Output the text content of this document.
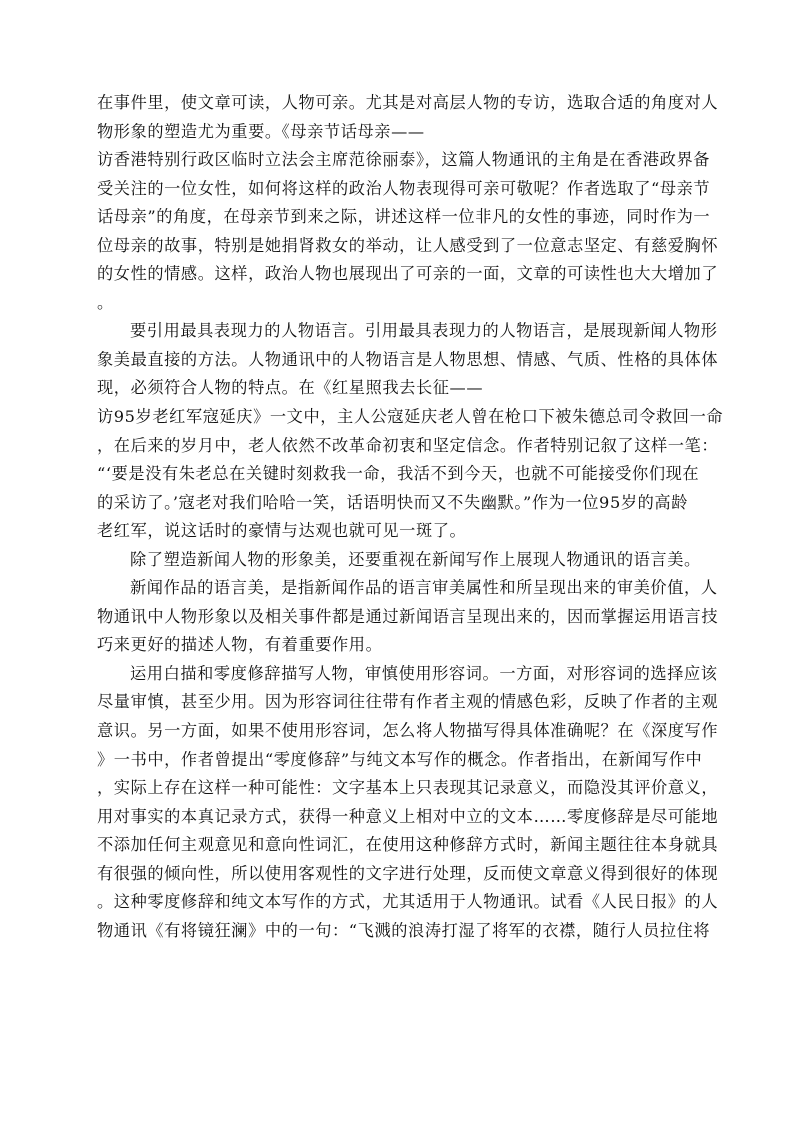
在事件里，使文章可读，人物可亲。尤其是对高层人物的专访，选取合适的角度对人
物形象的塑造尤为重要。《母亲节话母亲——
访香港特别行政区临时立法会主席范徐丽泰》，这篇人物通讯的主角是在香港政界备
受关注的一位女性，如何将这样的政治人物表现得可亲可敬呢？作者选取了“母亲节
话母亲”的角度，在母亲节到来之际，讲述这样一位非凡的女性的事迹，同时作为一
位母亲的故事，特别是她捐肾救女的举动，让人感受到了一位意志坚定、有慈爱胸怀
的女性的情感。这样，政治人物也展现出了可亲的一面，文章的可读性也大大增加了
。
要引用最具表现力的人物语言。引用最具表现力的人物语言，是展现新闻人物形
象美最直接的方法。人物通讯中的人物语言是人物思想、情感、气质、性格的具体体
现，必须符合人物的特点。在《红星照我去长征——
访95岁老红军寇延庆》一文中，主人公寇延庆老人曾在枪口下被朱德总司令救回一命
，在后来的岁月中，老人依然不改革命初衷和坚定信念。作者特别记叙了这样一笔：
“‘要是没有朱老总在关键时刻救我一命，我活不到今天，也就不可能接受你们现在
的采访了。’寇老对我们哈哈一笑，话语明快而又不失幽默。”作为一位95岁的高龄
老红军，说这话时的豪情与达观也就可见一斑了。
除了塑造新闻人物的形象美，还要重视在新闻写作上展现人物通讯的语言美。
新闻作品的语言美，是指新闻作品的语言审美属性和所呈现出来的审美价值，人
物通讯中人物形象以及相关事件都是通过新闻语言呈现出来的，因而掌握运用语言技
巧来更好的描述人物，有着重要作用。
运用白描和零度修辞描写人物，审慎使用形容词。一方面，对形容词的选择应该
尽量审慎，甚至少用。因为形容词往往带有作者主观的情感色彩，反映了作者的主观
意识。另一方面，如果不使用形容词，怎么将人物描写得具体准确呢？在《深度写作
》一书中，作者曾提出“零度修辞”与纯文本写作的概念。作者指出，在新闻写作中
，实际上存在这样一种可能性：文字基本上只表现其记录意义，而隐没其评价意义，
用对事实的本真记录方式，获得一种意义上相对中立的文本……零度修辞是尽可能地
不添加任何主观意见和意向性词汇，在使用这种修辞方式时，新闻主题往往本身就具
有很强的倾向性，所以使用客观性的文字进行处理，反而使文章意义得到很好的体现
。这种零度修辞和纯文本写作的方式，尤其适用于人物通讯。试看《人民日报》的人
物通讯《有将镜狂澜》中的一句：“飞溅的浪涛打湿了将军的衣襟，随行人员拉住将
